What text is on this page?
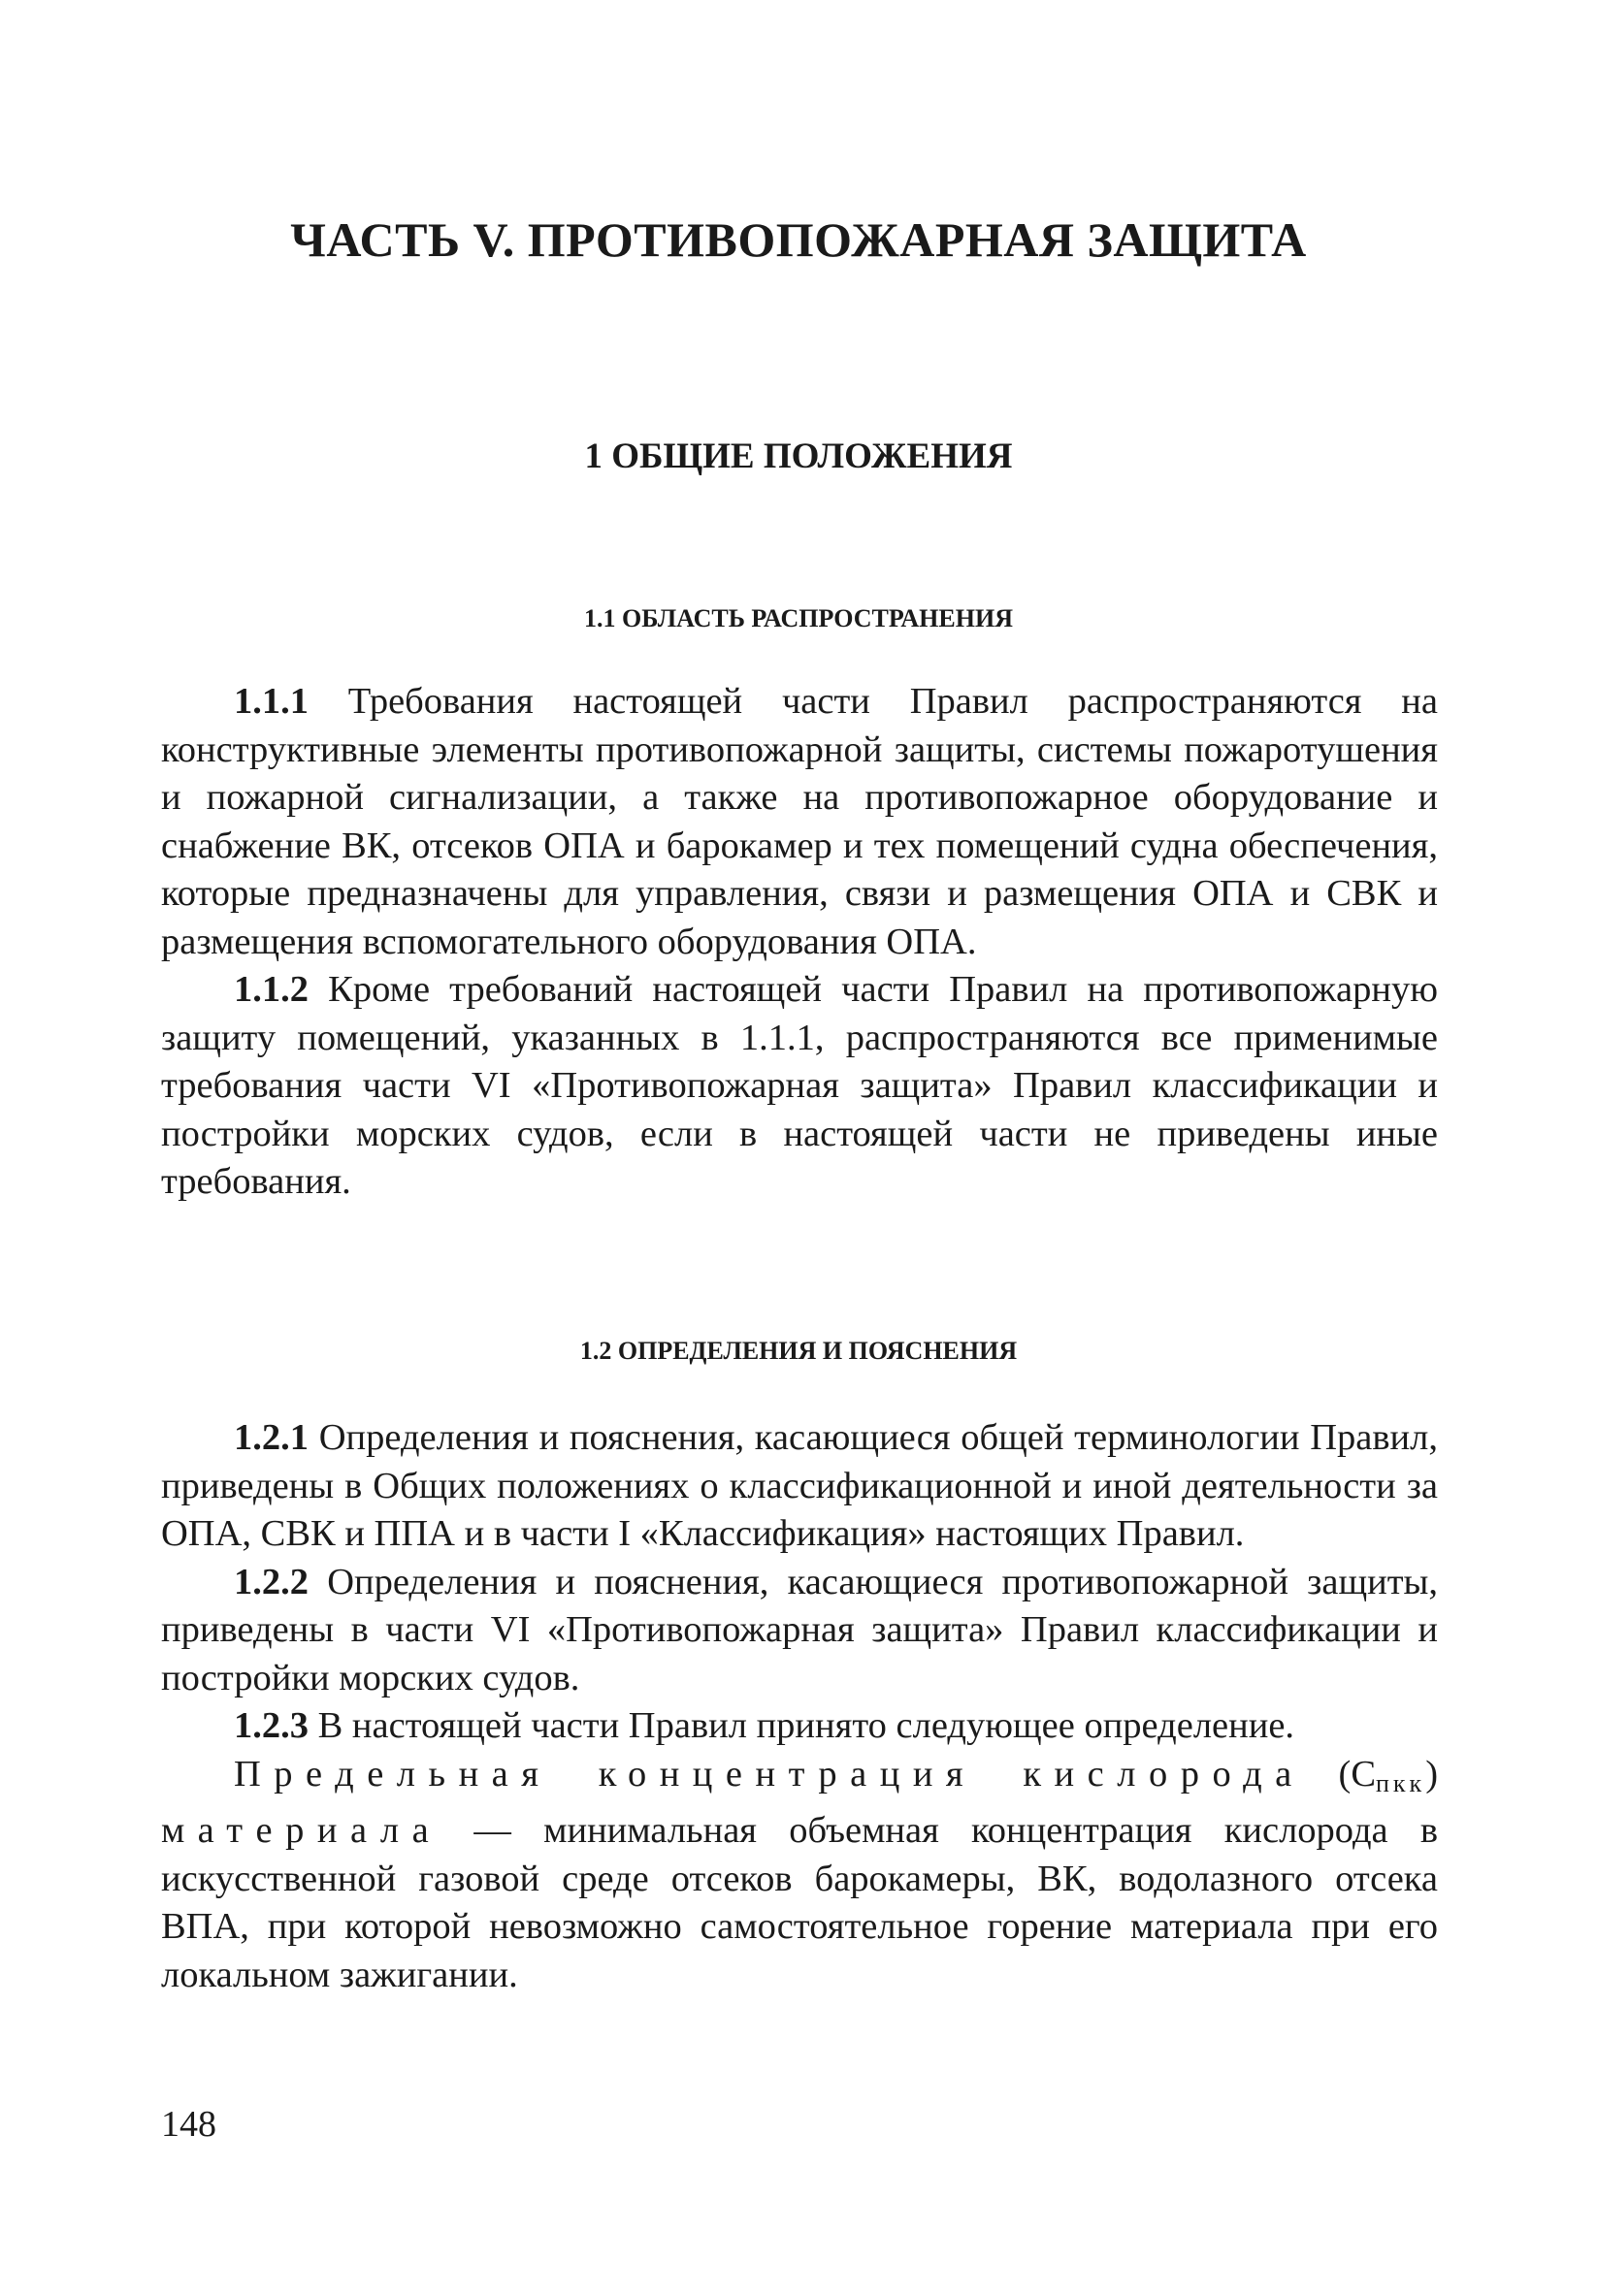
ЧАСТЬ V. ПРОТИВОПОЖАРНАЯ ЗАЩИТА
1 ОБЩИЕ ПОЛОЖЕНИЯ
1.1 ОБЛАСТЬ РАСПРОСТРАНЕНИЯ

1.1.1 Требования настоящей части Правил распространяются на конструктивные элементы противопожарной защиты, системы пожаротушения и пожарной сигнализации, а также на противопожарное оборудование и снабжение ВК, отсеков ОПА и барокамер и тех помещений судна обеспечения, которые предназначены для управления, связи и размещения ОПА и СВК и размещения вспомогательного оборудования ОПА.

1.1.2 Кроме требований настоящей части Правил на противопожарную защиту помещений, указанных в 1.1.1, распространяются все применимые требования части VI «Противопожарная защита» Правил классификации и постройки морских судов, если в настоящей части не приведены иные требования.

1.2 ОПРЕДЕЛЕНИЯ И ПОЯСНЕНИЯ

1.2.1 Определения и пояснения, касающиеся общей терминологии Правил, приведены в Общих положениях о классификационной и иной деятельности за ОПА, СВК и ППА и в части I «Классификация» настоящих Правил.

1.2.2 Определения и пояснения, касающиеся противопожарной защиты, приведены в части VI «Противопожарная защита» Правил классификации и постройки морских судов.

1.2.3 В настоящей части Правил принято следующее определение.

Предельная концентрация кислорода (Спкк) материала — минимальная объемная концентрация кислорода в искусственной газовой среде отсеков барокамеры, ВК, водолазного отсека ВПА, при которой невозможно самостоятельное горение материала при его локальном зажигании.

148
